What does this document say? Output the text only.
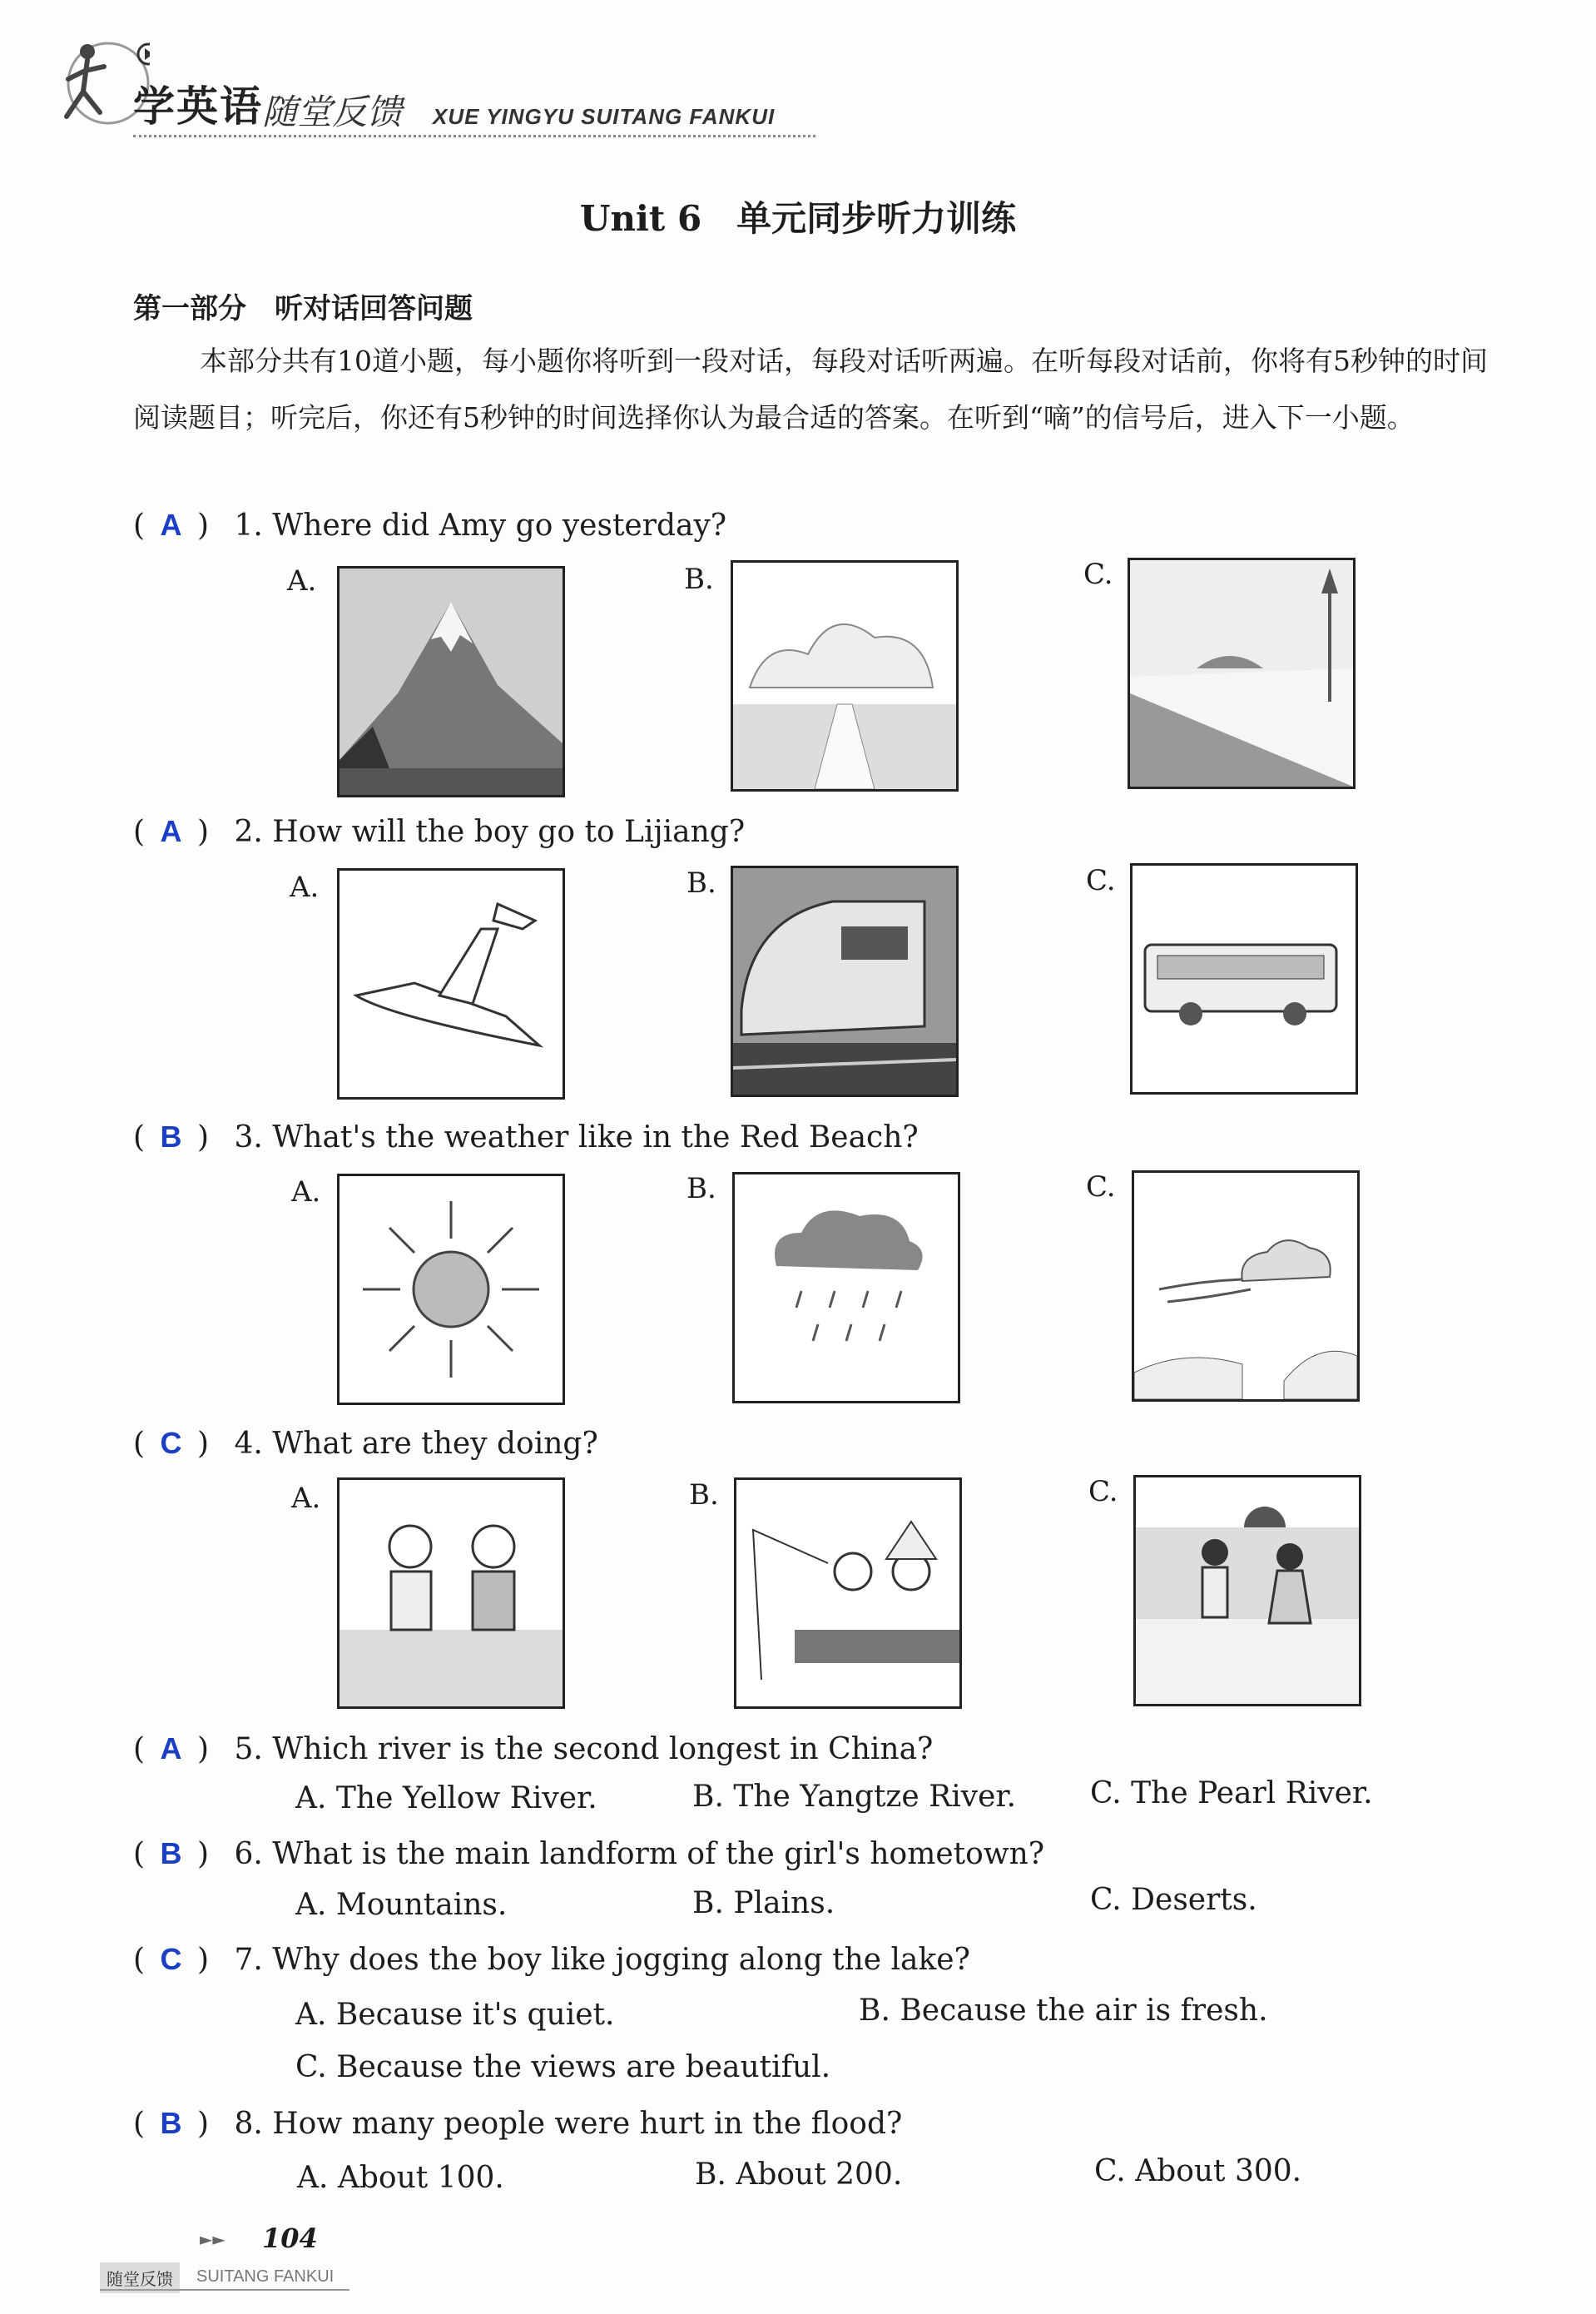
学英语 随堂反馈 XUE YINGYU SUITANG FANKUI
Unit 6　单元同步听力训练
第一部分　听对话回答问题
本部分共有10道小题，每小题你将听到一段对话，每段对话听两遍。在听每段对话前，你将有5秒钟的时间阅读题目；听完后，你还有5秒钟的时间选择你认为最合适的答案。在听到“嘀”的信号后，进入下一小题。
( A ) 1. Where did Amy go yesterday?
A.	B.	C.
( A ) 2. How will the boy go to Lijiang?
A.	B.	C.
( B ) 3. What's the weather like in the Red Beach?
A.	B.	C.
( C ) 4. What are they doing?
A.	B.	C.
( A ) 5. Which river is the second longest in China?
A. The Yellow River.	B. The Yangtze River. C. The Pearl River.
( B ) 6. What is the main landform of the girl's hometown?
A. Mountains.	B. Plains.	C. Deserts.
( C ) 7. Why does the boy like jogging along the lake?
A. Because it's quiet.	B. Because the air is fresh.
C. Because the views are beautiful.
( B ) 8. How many people were hurt in the flood?
A. About 100.	B. About 200.	C. About 300.
►► 104
随堂反馈	SUITANG FANKUI
